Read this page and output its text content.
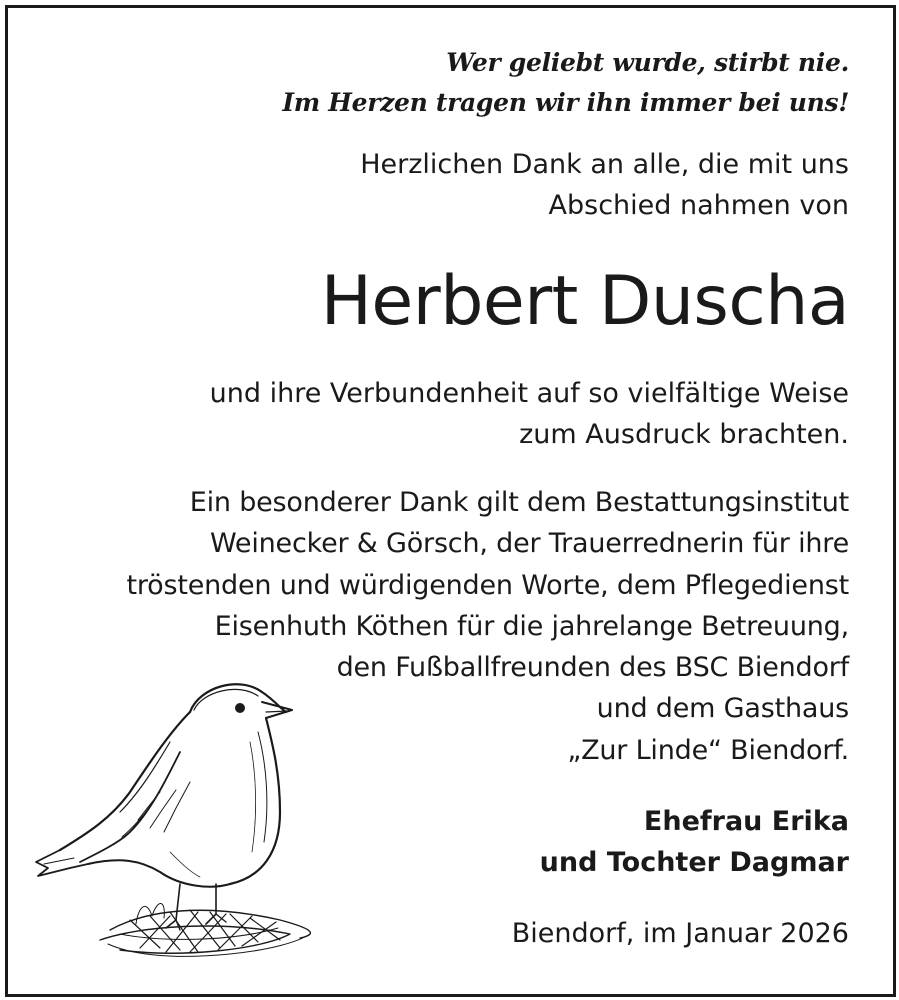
Wer geliebt wurde, stirbt nie.
Im Herzen tragen wir ihn immer bei uns!
Herzlichen Dank an alle, die mit uns
Abschied nahmen von
Herbert Duscha
und ihre Verbundenheit auf so vielfältige Weise
zum Ausdruck brachten.
Ein besonderer Dank gilt dem Bestattungsinstitut
Weinecker & Görsch, der Trauerrednerin für ihre
tröstenden und würdigenden Worte, dem Pflegedienst
Eisenhuth Köthen für die jahrelange Betreuung,
den Fußballfreunden des BSC Biendorf
und dem Gasthaus
„Zur Linde“ Biendorf.
Ehefrau Erika
und Tochter Dagmar
Biendorf, im Januar 2026
